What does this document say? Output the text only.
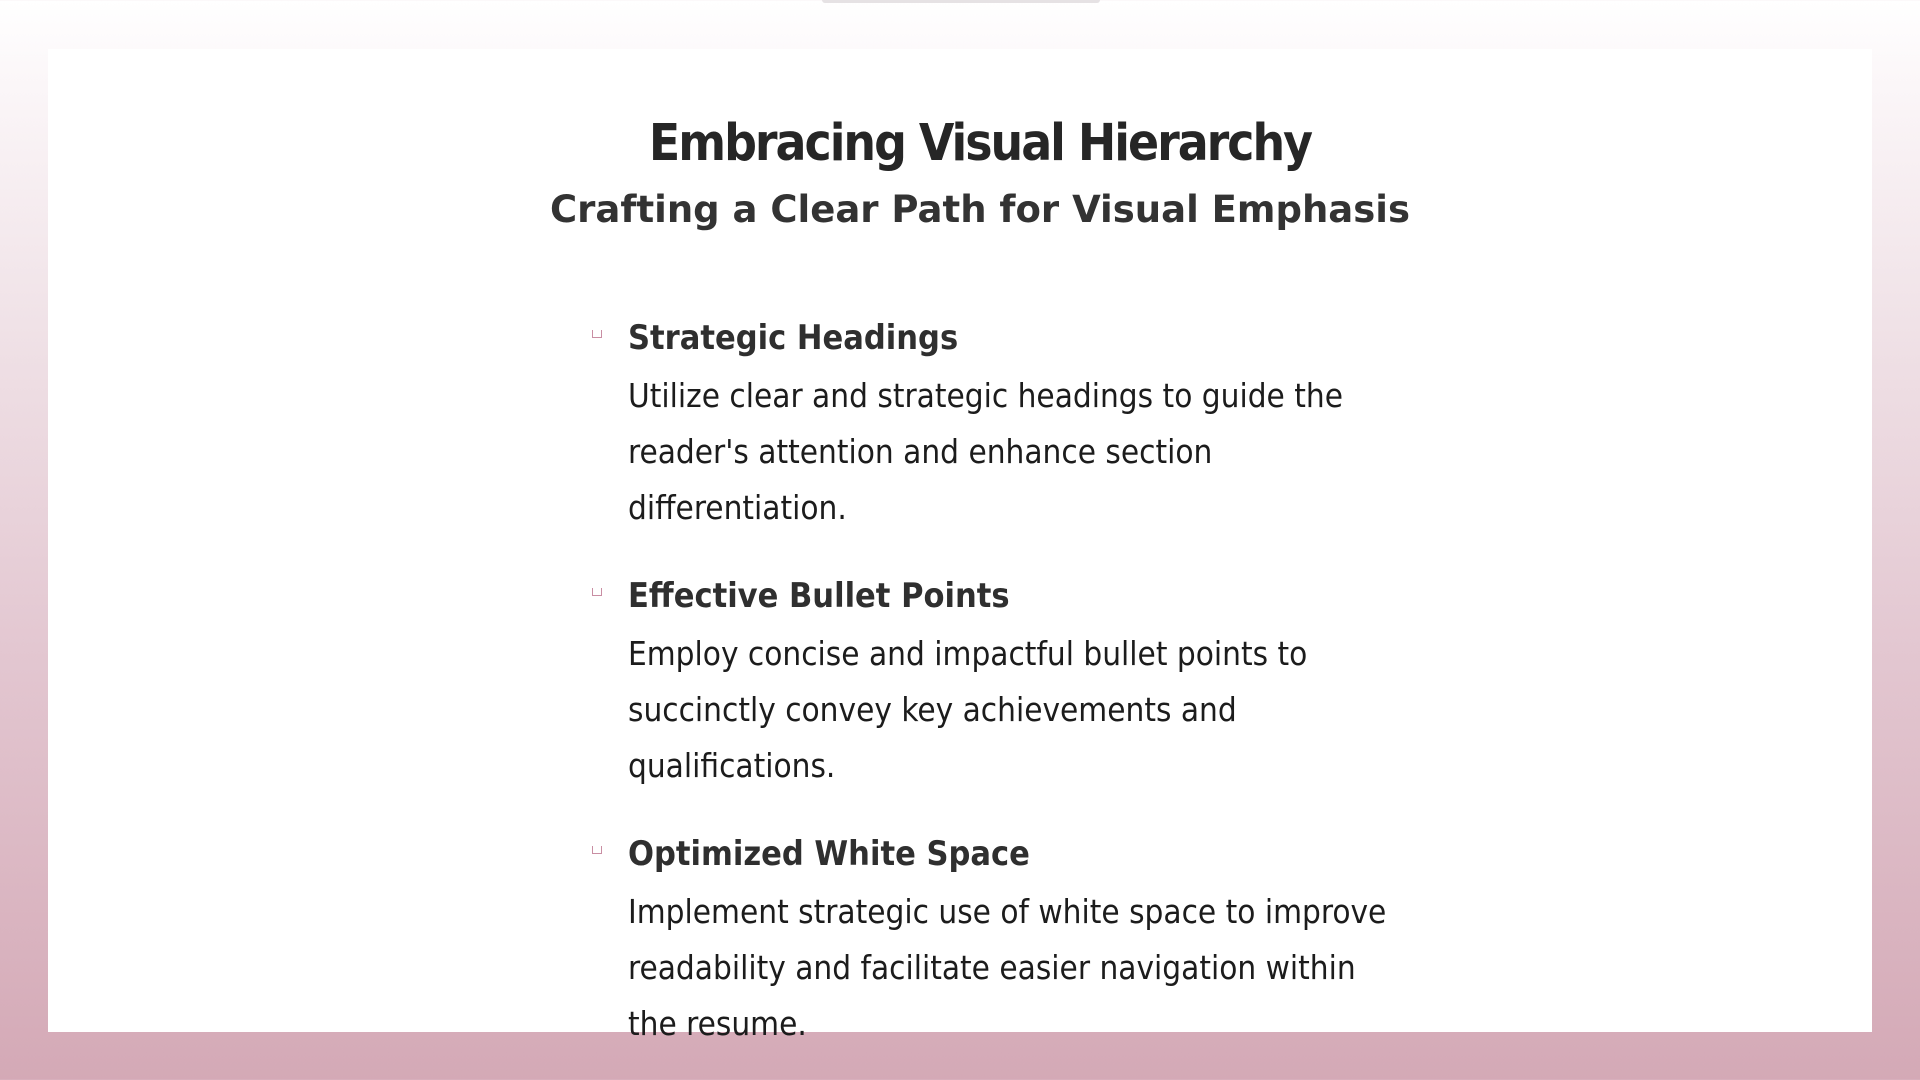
Embracing Visual Hierarchy
Crafting a Clear Path for Visual Emphasis

Strategic Headings

Utilize clear and strategic headings to guide the reader's attention and enhance section differentiation.

Effective Bullet Points

Employ concise and impactful bullet points to succinctly convey key achievements and qualifications.

Optimized White Space

Implement strategic use of white space to improve readability and facilitate easier navigation within the resume.
